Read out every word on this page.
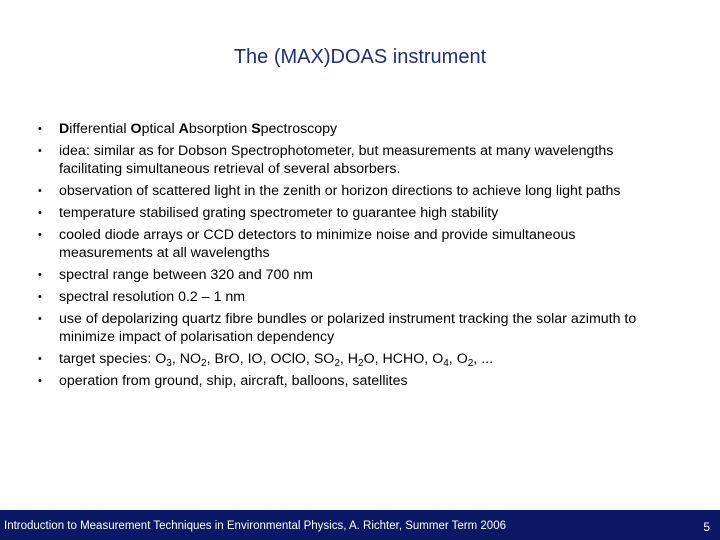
The (MAX)DOAS instrument
• Differential Optical Absorption Spectroscopy
• idea: similar as for Dobson Spectrophotometer, but measurements at many wavelengths facilitating simultaneous retrieval of several absorbers.
• observation of scattered light in the zenith or horizon directions to achieve long light paths
• temperature stabilised grating spectrometer to guarantee high stability
• cooled diode arrays or CCD detectors to minimize noise and provide simultaneous measurements at all wavelengths
• spectral range between 320 and 700 nm
• spectral resolution 0.2 – 1 nm
• use of depolarizing quartz fibre bundles or polarized instrument tracking the solar azimuth to minimize impact of polarisation dependency
• target species: $O_3$, $NO_2$, BrO, IO, OClO, $SO_2$, $H_2O$, HCHO, $O_4$, $O_2$, ...
• operation from ground, ship, aircraft, balloons, satellites
Introduction to Measurement Techniques in Environmental Physics, A. Richter, Summer Term 2006	5
